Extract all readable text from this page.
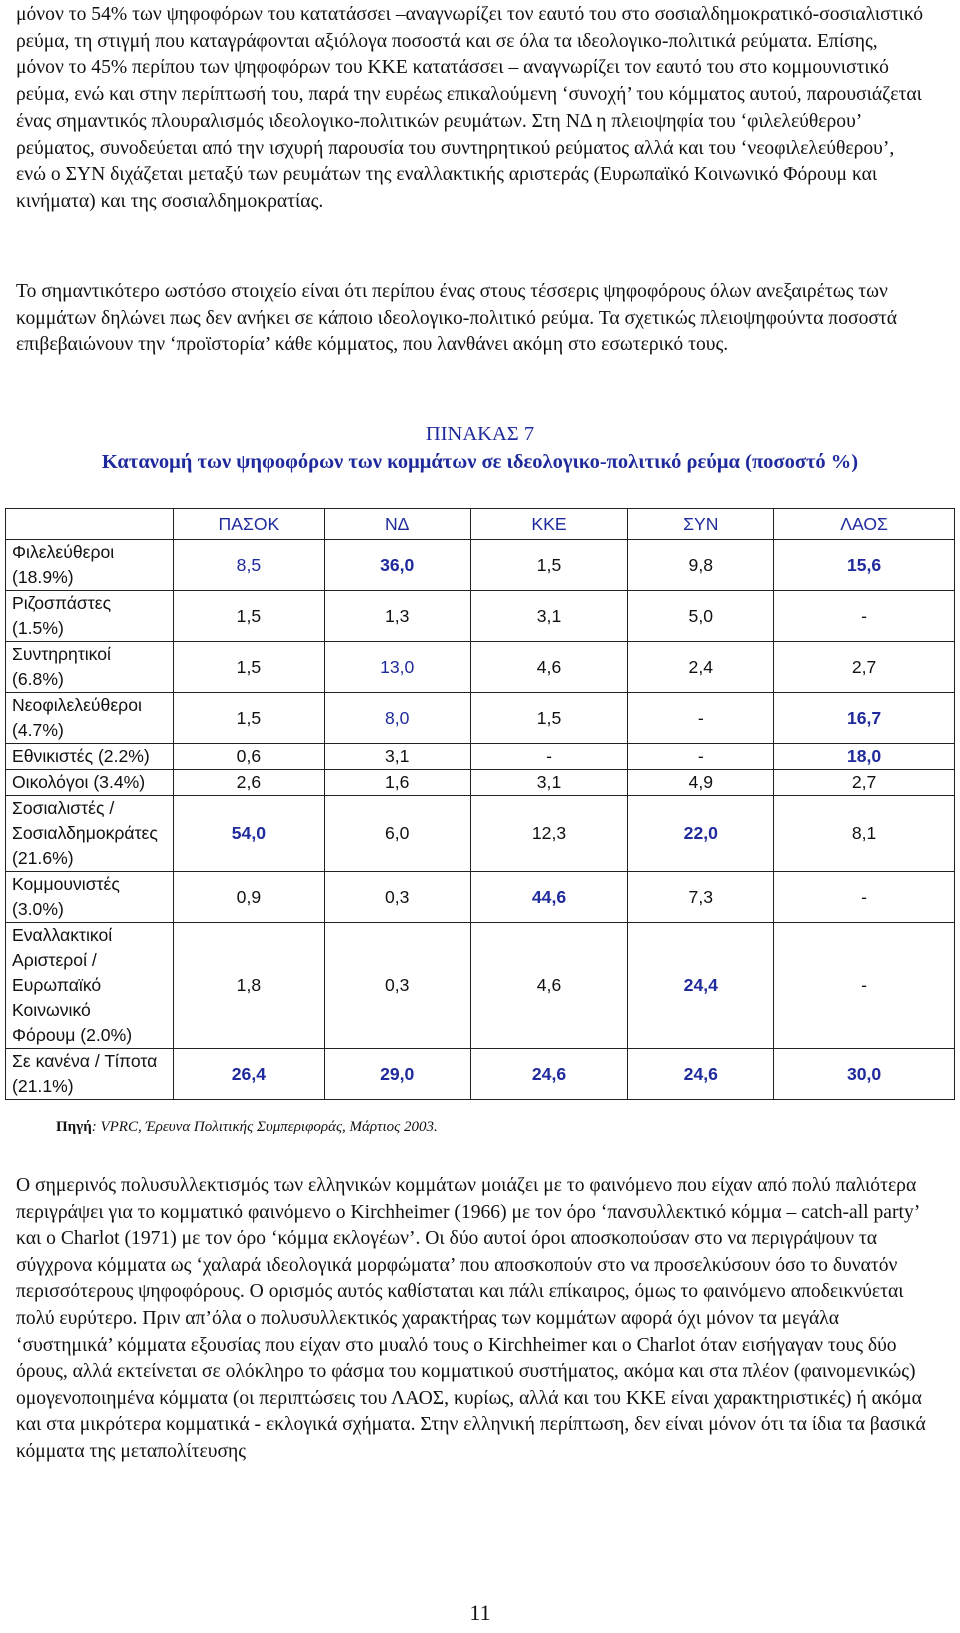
μόνον το 54% των ψηφοφόρων του κατατάσσει –αναγνωρίζει τον εαυτό του στο σοσιαλδημοκρατικό-σοσιαλιστικό ρεύμα, τη στιγμή που καταγράφονται αξιόλογα ποσοστά και σε όλα τα ιδεολογικο-πολιτικά ρεύματα. Επίσης, μόνον το 45% περίπου των ψηφοφόρων του ΚΚΕ κατατάσσει – αναγνωρίζει τον εαυτό του στο κομμουνιστικό ρεύμα, ενώ και στην περίπτωσή του, παρά την ευρέως επικαλούμενη ‘συνοχή’ του κόμματος αυτού, παρουσιάζεται ένας σημαντικός πλουραλισμός ιδεολογικο-πολιτικών ρευμάτων. Στη ΝΔ η πλειοψηφία του ‘φιλελεύθερου’ ρεύματος, συνοδεύεται από την ισχυρή παρουσία του συντηρητικού ρεύματος αλλά και του ‘νεοφιλελεύθερου’, ενώ ο ΣΥΝ διχάζεται μεταξύ των ρευμάτων της εναλλακτικής αριστεράς (Ευρωπαϊκό Κοινωνικό Φόρουμ και κινήματα) και της σοσιαλδημοκρατίας.

Το σημαντικότερο ωστόσο στοιχείο είναι ότι περίπου ένας στους τέσσερις ψηφοφόρους όλων ανεξαιρέτως των κομμάτων δηλώνει πως δεν ανήκει σε κάποιο ιδεολογικο-πολιτικό ρεύμα. Τα σχετικώς πλειοψηφούντα ποσοστά επιβεβαιώνουν την ‘προϊστορία’ κάθε κόμματος, που λανθάνει ακόμη στο εσωτερικό τους.

ΠΙΝΑΚΑΣ 7

Κατανομή των ψηφοφόρων των κομμάτων σε ιδεολογικο-πολιτικό ρεύμα (ποσοστό %)

	ΠΑΣΟΚ	ΝΔ	ΚΚΕ	ΣΥΝ	ΛΑΟΣ

Φιλελεύθεροι
(18.9%)	8,5	36,0	1,5	9,8	15,6

Ριζοσπάστες
(1.5%)	1,5	1,3	3,1	5,0	-

Συντηρητικοί
(6.8%)	1,5	13,0	4,6	2,4	2,7

Νεοφιλελεύθεροι
(4.7%)	1,5	8,0	1,5	-	16,7

Εθνικιστές (2.2%)	0,6	3,1	-	-	18,0

Οικολόγοι (3.4%)	2,6	1,6	3,1	4,9	2,7

Σοσιαλιστές /
Σοσιαλδημοκράτες
(21.6%)	54,0	6,0	12,3	22,0	8,1

Κομμουνιστές
(3.0%)	0,9	0,3	44,6	7,3	-

Εναλλακτικοί
Αριστεροί /
Ευρωπαϊκό
Κοινωνικό
Φόρουμ (2.0%)	1,8	0,3	4,6	24,4	-

Σε κανένα / Τίποτα
(21.1%)	26,4	29,0	24,6	24,6	30,0

Πηγή: VPRC, Έρευνα Πολιτικής Συμπεριφοράς, Μάρτιος 2003.

Ο σημερινός πολυσυλλεκτισμός των ελληνικών κομμάτων μοιάζει με το φαινόμενο που είχαν από πολύ παλιότερα περιγράψει για το κομματικό φαινόμενο ο Kirchheimer (1966) με τον όρο ‘πανσυλλεκτικό κόμμα – catch-all party’ και ο Charlot (1971) με τον όρο ‘κόμμα εκλογέων’. Οι δύο αυτοί όροι αποσκοπούσαν στο να περιγράψουν τα σύγχρονα κόμματα ως ‘χαλαρά ιδεολογικά μορφώματα’ που αποσκοπούν στο να προσελκύσουν όσο το δυνατόν περισσότερους ψηφοφόρους. Ο ορισμός αυτός καθίσταται και πάλι επίκαιρος, όμως το φαινόμενο αποδεικνύεται πολύ ευρύτερο. Πριν απ’όλα ο πολυσυλλεκτικός χαρακτήρας των κομμάτων αφορά όχι μόνον τα μεγάλα ‘συστημικά’ κόμματα εξουσίας που είχαν στο μυαλό τους ο Kirchheimer και ο Charlot όταν εισήγαγαν τους δύο όρους, αλλά εκτείνεται σε ολόκληρο το φάσμα του κομματικού συστήματος, ακόμα και στα πλέον (φαινομενικώς) ομογενοποιημένα κόμματα (οι περιπτώσεις του ΛΑΟΣ, κυρίως, αλλά και του ΚΚΕ είναι χαρακτηριστικές) ή ακόμα και στα μικρότερα κομματικά - εκλογικά σχήματα. Στην ελληνική περίπτωση, δεν είναι μόνον ότι τα ίδια τα βασικά κόμματα της μεταπολίτευσης

11
